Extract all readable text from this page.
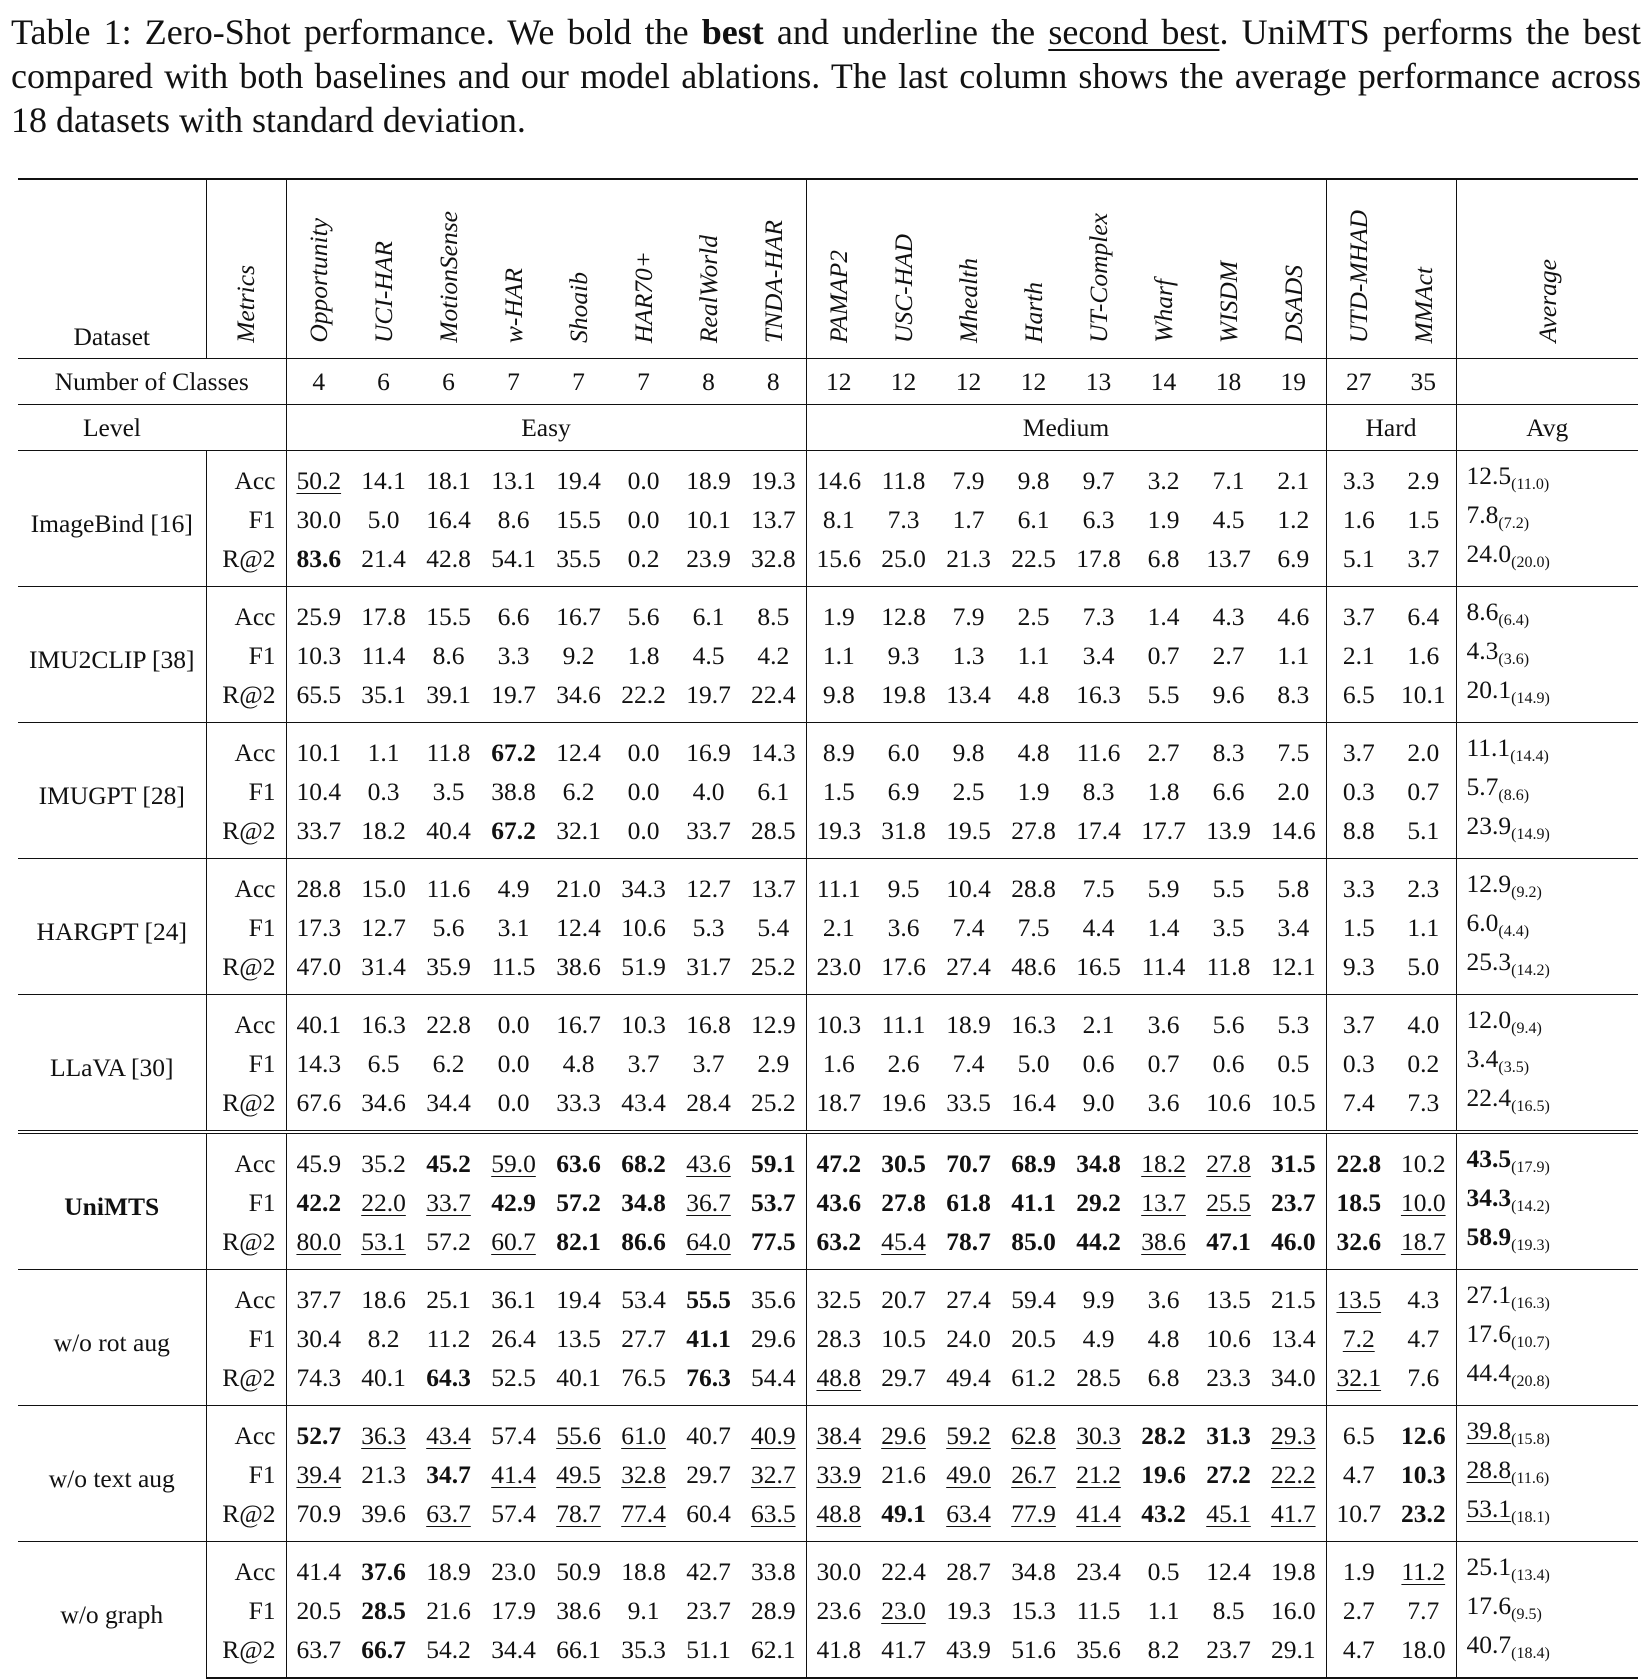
Table 1: Zero-Shot performance. We bold the best and underline the second best. UniMTS performs the best compared with both baselines and our model ablations. The last column shows the average performance across 18 datasets with standard deviation.
Dataset	Metrics	Opportunity	UCI-HAR	MotionSense	w-HAR	Shoaib	HAR70+	RealWorld	TNDA-HAR	PAMAP2	USC-HAD	Mhealth	Harth	UT-Complex	Wharf	WISDM	DSADS	UTD-MHAD	MMAct	Average
Number of Classes		4	6	6	7	7	7	8	8	12	12	12	12	13	14	18	19	27	35	
Level		Easy								Medium								Hard		Avg
ImageBind [16]	Acc	50.2	14.1	18.1	13.1	19.4	0.0	18.9	19.3	14.6	11.8	7.9	9.8	9.7	3.2	7.1	2.1	3.3	2.9	$12.5_{(11.0)}$
	F1	30.0	5.0	16.4	8.6	15.5	0.0	10.1	13.7	8.1	7.3	1.7	6.1	6.3	1.9	4.5	1.2	1.6	1.5	$7.8_{(7.2)}$
	R@2	83.6	21.4	42.8	54.1	35.5	0.2	23.9	32.8	15.6	25.0	21.3	22.5	17.8	6.8	13.7	6.9	5.1	3.7	$24.0_{(20.0)}$
IMU2CLIP [38]	Acc	25.9	17.8	15.5	6.6	16.7	5.6	6.1	8.5	1.9	12.8	7.9	2.5	7.3	1.4	4.3	4.6	3.7	6.4	$8.6_{(6.4)}$
	F1	10.3	11.4	8.6	3.3	9.2	1.8	4.5	4.2	1.1	9.3	1.3	1.1	3.4	0.7	2.7	1.1	2.1	1.6	$4.3_{(3.6)}$
	R@2	65.5	35.1	39.1	19.7	34.6	22.2	19.7	22.4	9.8	19.8	13.4	4.8	16.3	5.5	9.6	8.3	6.5	10.1	$20.1_{(14.9)}$
IMUGPT [28]	Acc	10.1	1.1	11.8	67.2	12.4	0.0	16.9	14.3	8.9	6.0	9.8	4.8	11.6	2.7	8.3	7.5	3.7	2.0	$11.1_{(14.4)}$
	F1	10.4	0.3	3.5	38.8	6.2	0.0	4.0	6.1	1.5	6.9	2.5	1.9	8.3	1.8	6.6	2.0	0.3	0.7	$5.7_{(8.6)}$
	R@2	33.7	18.2	40.4	67.2	32.1	0.0	33.7	28.5	19.3	31.8	19.5	27.8	17.4	17.7	13.9	14.6	8.8	5.1	$23.9_{(14.9)}$
HARGPT [24]	Acc	28.8	15.0	11.6	4.9	21.0	34.3	12.7	13.7	11.1	9.5	10.4	28.8	7.5	5.9	5.5	5.8	3.3	2.3	$12.9_{(9.2)}$
	F1	17.3	12.7	5.6	3.1	12.4	10.6	5.3	5.4	2.1	3.6	7.4	7.5	4.4	1.4	3.5	3.4	1.5	1.1	$6.0_{(4.4)}$
	R@2	47.0	31.4	35.9	11.5	38.6	51.9	31.7	25.2	23.0	17.6	27.4	48.6	16.5	11.4	11.8	12.1	9.3	5.0	$25.3_{(14.2)}$
LLaVA [30]	Acc	40.1	16.3	22.8	0.0	16.7	10.3	16.8	12.9	10.3	11.1	18.9	16.3	2.1	3.6	5.6	5.3	3.7	4.0	$12.0_{(9.4)}$
	F1	14.3	6.5	6.2	0.0	4.8	3.7	3.7	2.9	1.6	2.6	7.4	5.0	0.6	0.7	0.6	0.5	0.3	0.2	$3.4_{(3.5)}$
	R@2	67.6	34.6	34.4	0.0	33.3	43.4	28.4	25.2	18.7	19.6	33.5	16.4	9.0	3.6	10.6	10.5	7.4	7.3	$22.4_{(16.5)}$
UniMTS	Acc	45.9	35.2	45.2	59.0	63.6	68.2	43.6	59.1	47.2	30.5	70.7	68.9	34.8	18.2	27.8	31.5	22.8	10.2	$43.5_{(17.9)}$
	F1	42.2	22.0	33.7	42.9	57.2	34.8	36.7	53.7	43.6	27.8	61.8	41.1	29.2	13.7	25.5	23.7	18.5	10.0	$34.3_{(14.2)}$
	R@2	80.0	53.1	57.2	60.7	82.1	86.6	64.0	77.5	63.2	45.4	78.7	85.0	44.2	38.6	47.1	46.0	32.6	18.7	$58.9_{(19.3)}$
w/o rot aug	Acc	37.7	18.6	25.1	36.1	19.4	53.4	55.5	35.6	32.5	20.7	27.4	59.4	9.9	3.6	13.5	21.5	13.5	4.3	$27.1_{(16.3)}$
	F1	30.4	8.2	11.2	26.4	13.5	27.7	41.1	29.6	28.3	10.5	24.0	20.5	4.9	4.8	10.6	13.4	7.2	4.7	$17.6_{(10.7)}$
	R@2	74.3	40.1	64.3	52.5	40.1	76.5	76.3	54.4	48.8	29.7	49.4	61.2	28.5	6.8	23.3	34.0	32.1	7.6	$44.4_{(20.8)}$
w/o text aug	Acc	52.7	36.3	43.4	57.4	55.6	61.0	40.7	40.9	38.4	29.6	59.2	62.8	30.3	28.2	31.3	29.3	6.5	12.6	$39.8_{(15.8)}$
	F1	39.4	21.3	34.7	41.4	49.5	32.8	29.7	32.7	33.9	21.6	49.0	26.7	21.2	19.6	27.2	22.2	4.7	10.3	$28.8_{(11.6)}$
	R@2	70.9	39.6	63.7	57.4	78.7	77.4	60.4	63.5	48.8	49.1	63.4	77.9	41.4	43.2	45.1	41.7	10.7	23.2	$53.1_{(18.1)}$
w/o graph	Acc	41.4	37.6	18.9	23.0	50.9	18.8	42.7	33.8	30.0	22.4	28.7	34.8	23.4	0.5	12.4	19.8	1.9	11.2	$25.1_{(13.4)}$
	F1	20.5	28.5	21.6	17.9	38.6	9.1	23.7	28.9	23.6	23.0	19.3	15.3	11.5	1.1	8.5	16.0	2.7	7.7	$17.6_{(9.5)}$
	R@2	63.7	66.7	54.2	34.4	66.1	35.3	51.1	62.1	41.8	41.7	43.9	51.6	35.6	8.2	23.7	29.1	4.7	18.0	$40.7_{(18.4)}$
